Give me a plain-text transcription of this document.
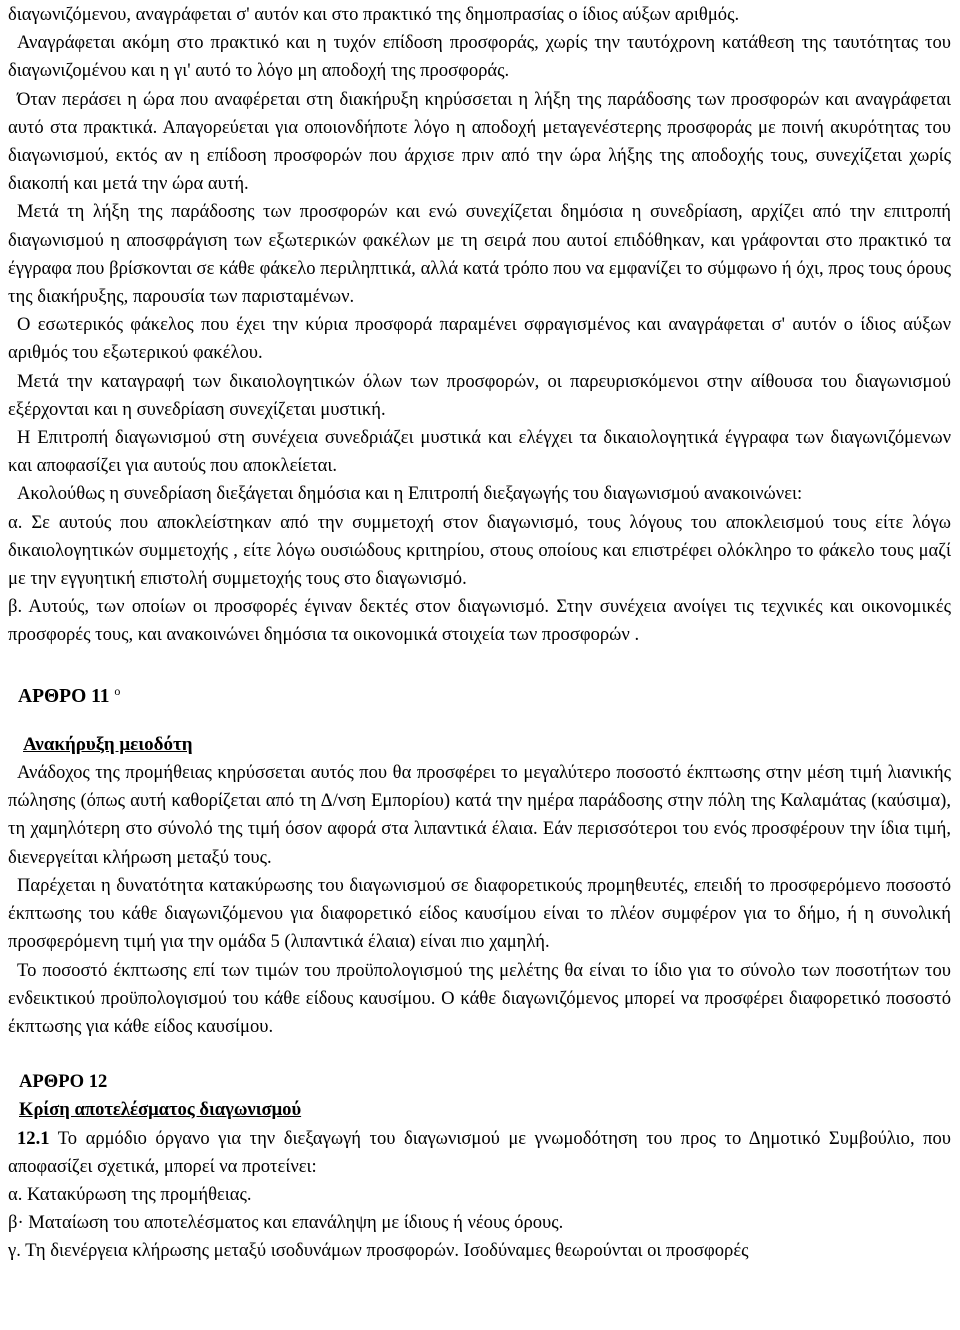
διαγωνιζόμενου, αναγράφεται σ' αυτόν και στο πρακτικό της δημοπρασίας ο ίδιος αύξων αριθμός.

Αναγράφεται ακόμη στο πρακτικό και η τυχόν επίδοση προσφοράς, χωρίς την ταυτόχρονη κατάθεση της ταυτότητας του διαγωνιζομένου και η γι' αυτό το λόγο μη αποδοχή της προσφοράς.

Όταν περάσει η ώρα που αναφέρεται στη διακήρυξη κηρύσσεται η λήξη της παράδοσης των προσφορών και αναγράφεται αυτό στα πρακτικά. Απαγορεύεται για οποιονδήποτε λόγο η αποδοχή μεταγενέστερης προσφοράς με ποινή ακυρότητας του διαγωνισμού, εκτός αν η επίδοση προσφορών που άρχισε πριν από την ώρα λήξης της αποδοχής τους, συνεχίζεται χωρίς διακοπή και μετά την ώρα αυτή.

Μετά τη λήξη της παράδοσης των προσφορών και ενώ συνεχίζεται δημόσια η συνεδρίαση, αρχίζει από την επιτροπή διαγωνισμού η αποσφράγιση των εξωτερικών φακέλων με τη σειρά που αυτοί επιδόθηκαν, και γράφονται στο πρακτικό τα έγγραφα που βρίσκονται σε κάθε φάκελο περιληπτικά, αλλά κατά τρόπο που να εμφανίζει το σύμφωνο ή όχι, προς τους όρους της διακήρυξης, παρουσία των παρισταμένων.

Ο εσωτερικός φάκελος που έχει την κύρια προσφορά παραμένει σφραγισμένος και αναγράφεται σ' αυτόν ο ίδιος αύξων αριθμός του εξωτερικού φακέλου.

Μετά την καταγραφή των δικαιολογητικών όλων των προσφορών, οι παρευρισκόμενοι στην αίθουσα του διαγωνισμού εξέρχονται και η συνεδρίαση συνεχίζεται μυστική.

Η Επιτροπή διαγωνισμού στη συνέχεια συνεδριάζει μυστικά και ελέγχει τα δικαιολογητικά έγγραφα των διαγωνιζόμενων και αποφασίζει για αυτούς που αποκλείεται.

Ακολούθως η συνεδρίαση διεξάγεται δημόσια και η Επιτροπή διεξαγωγής του διαγωνισμού ανακοινώνει:

α. Σε αυτούς που αποκλείστηκαν από την συμμετοχή στον διαγωνισμό, τους λόγους του αποκλεισμού τους είτε λόγω δικαιολογητικών συμμετοχής , είτε λόγω ουσιώδους κριτηρίου, στους οποίους και επιστρέφει ολόκληρο το φάκελο τους μαζί με την εγγυητική επιστολή συμμετοχής τους στο διαγωνισμό.

β. Αυτούς, των οποίων οι προσφορές έγιναν δεκτές στον διαγωνισμό. Στην συνέχεια ανοίγει τις τεχνικές και οικονομικές προσφορές τους, και ανακοινώνει δημόσια τα οικονομικά στοιχεία των προσφορών .

ΑΡΘΡΟ 11 $^o$

Ανακήρυξη μειοδότη

Ανάδοχος της προμήθειας κηρύσσεται αυτός που θα προσφέρει το μεγαλύτερο ποσοστό έκπτωσης στην μέση τιμή λιανικής πώλησης (όπως αυτή καθορίζεται από τη Δ/νση Εμπορίου) κατά την ημέρα παράδοσης στην πόλη της Καλαμάτας (καύσιμα), τη χαμηλότερη στο σύνολό της τιμή όσον αφορά στα λιπαντικά έλαια. Εάν περισσότεροι του ενός προσφέρουν την ίδια τιμή, διενεργείται κλήρωση μεταξύ τους.

Παρέχεται η δυνατότητα κατακύρωσης του διαγωνισμού σε διαφορετικούς προμηθευτές, επειδή το προσφερόμενο ποσοστό έκπτωσης του κάθε διαγωνιζόμενου για διαφορετικό είδος καυσίμου είναι το πλέον συμφέρον για το δήμο, ή η συνολική προσφερόμενη τιμή για την ομάδα 5 (λιπαντικά έλαια) είναι πιο χαμηλή.

Το ποσοστό έκπτωσης επί των τιμών του προϋπολογισμού της μελέτης θα είναι το ίδιο για το σύνολο των ποσοτήτων του ενδεικτικού προϋπολογισμού του κάθε είδους καυσίμου. Ο κάθε διαγωνιζόμενος μπορεί να προσφέρει διαφορετικό ποσοστό έκπτωσης για κάθε είδος καυσίμου.

ΑΡΘΡΟ 12

Κρίση αποτελέσματος διαγωνισμού

12.1 Το αρμόδιο όργανο για την διεξαγωγή του διαγωνισμού με γνωμοδότηση του προς το Δημοτικό Συμβούλιο, που αποφασίζει σχετικά, μπορεί να προτείνει:

α. Κατακύρωση της προμήθειας.

β· Ματαίωση του αποτελέσματος και επανάληψη με ίδιους ή νέους όρους.

γ. Τη διενέργεια κλήρωσης μεταξύ ισοδυνάμων προσφορών. Ισοδύναμες θεωρούνται οι προσφορές
